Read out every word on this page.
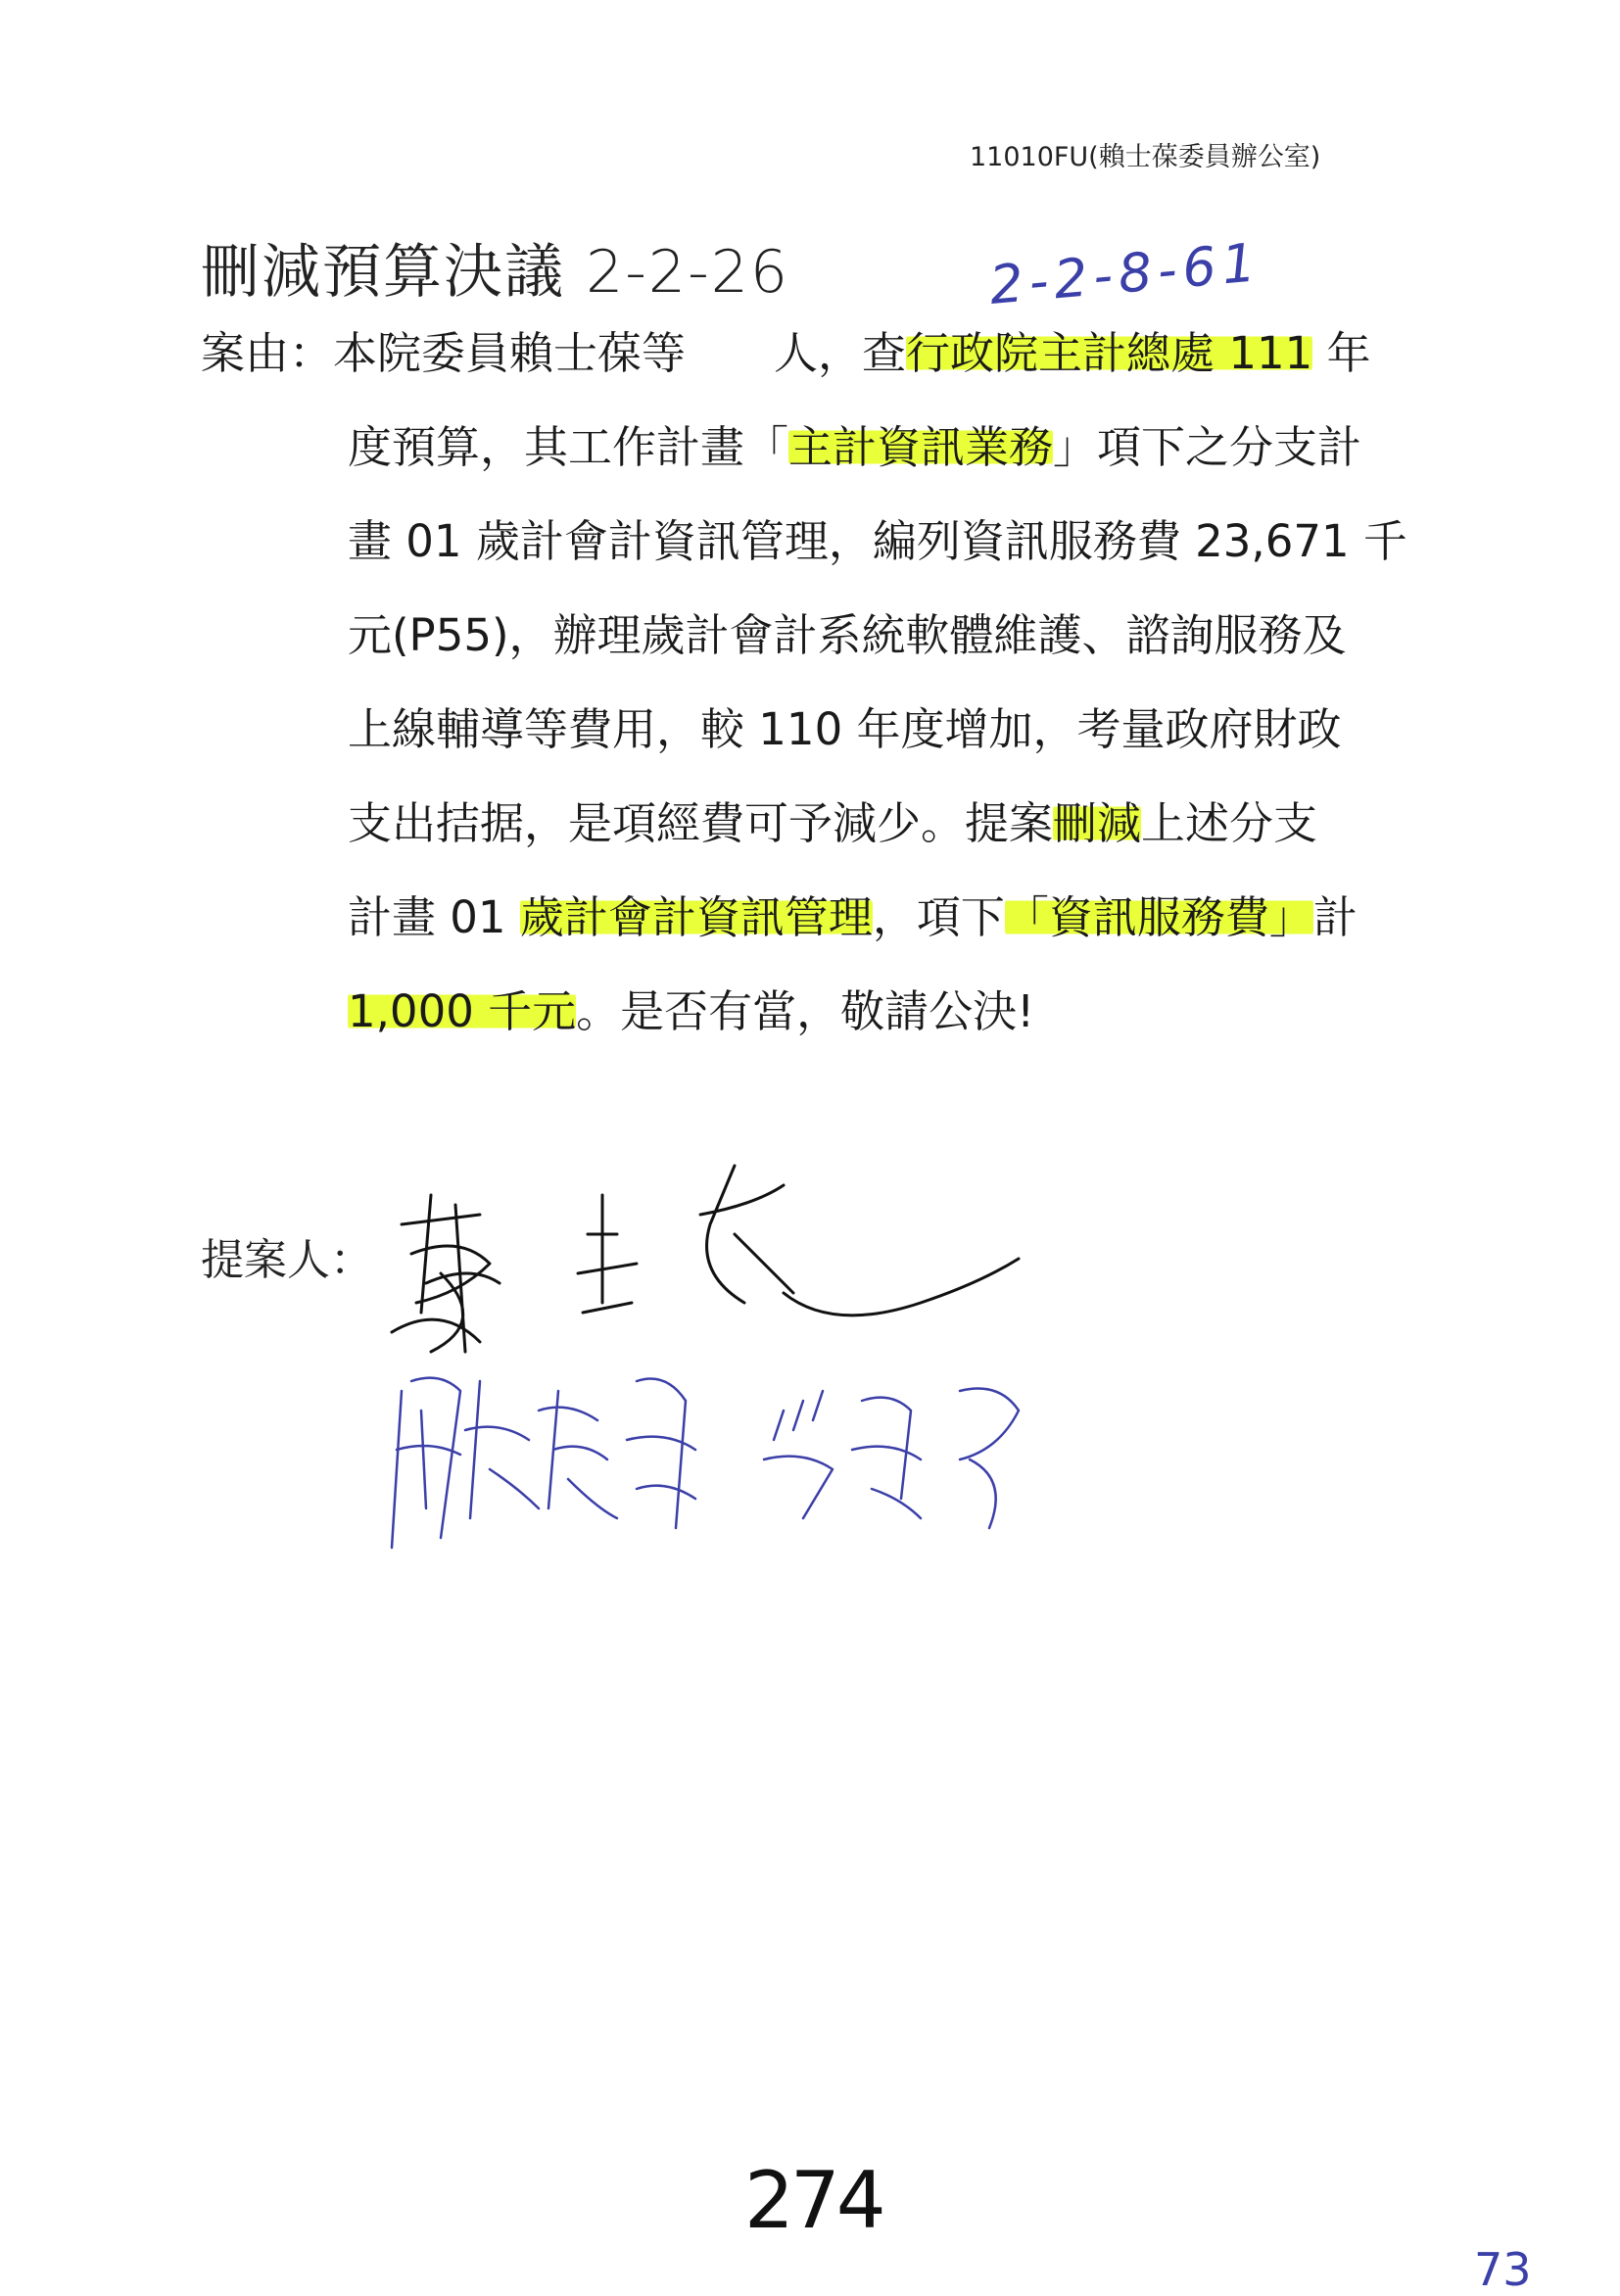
11010FU(賴士葆委員辦公室)
刪減預算決議 2-2-26	2-2-8-61
案由：本院委員賴士葆等　　人，查行政院主計總處 111 年
度預算，其工作計畫「主計資訊業務」項下之分支計
畫 01 歲計會計資訊管理，編列資訊服務費 23,671 千
元(P55)，辦理歲計會計系統軟體維護、諮詢服務及
上線輔導等費用，較 110 年度增加，考量政府財政
支出拮据，是項經費可予減少。提案刪減上述分支
計畫 01 歲計會計資訊管理，項下「資訊服務費」計
1,000 千元。是否有當，敬請公決!
提案人：
274
73
